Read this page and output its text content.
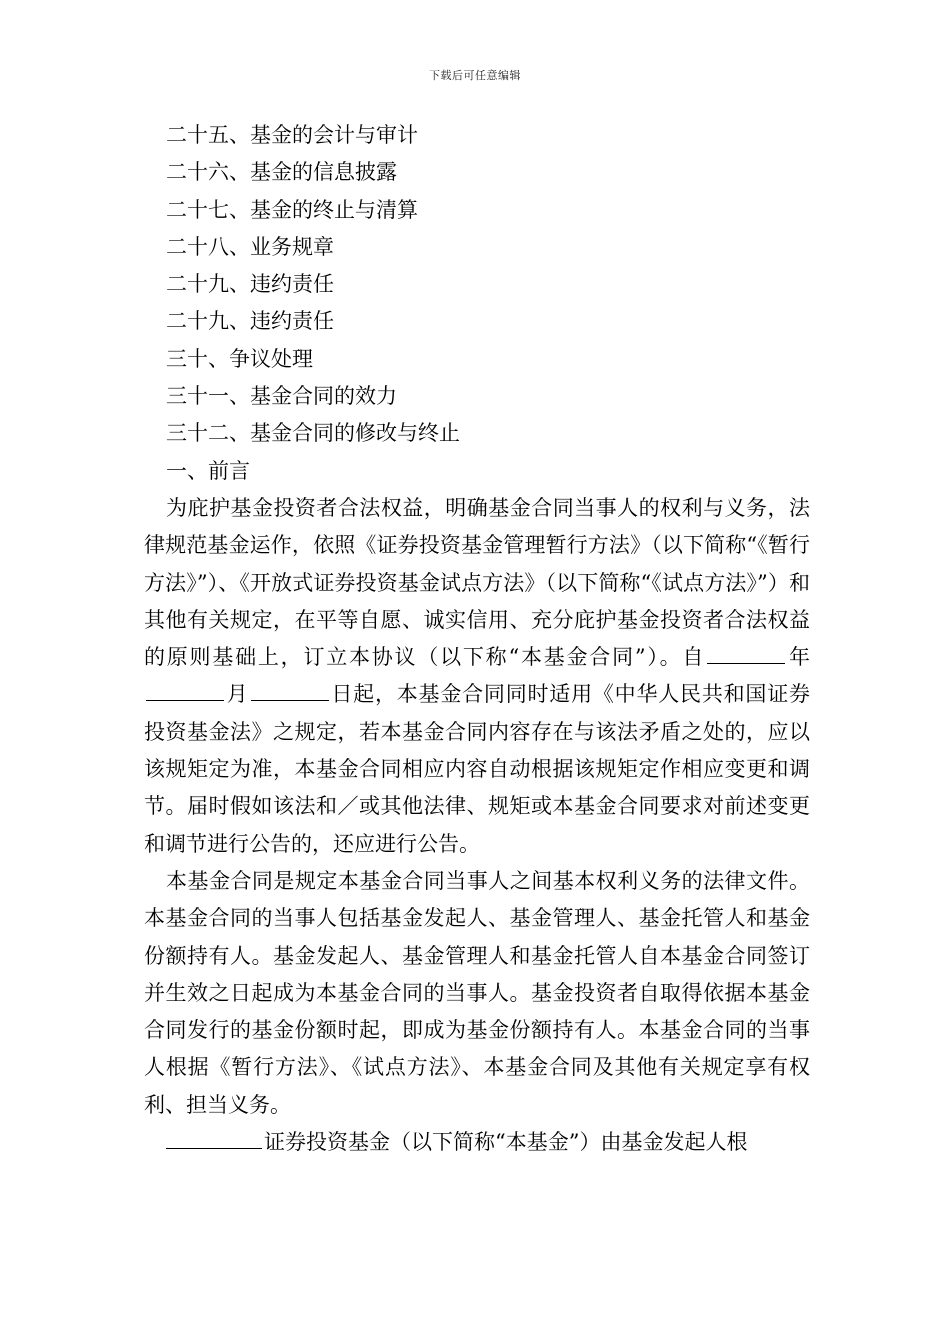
下载后可任意编辑
二十五、基金的会计与审计
二十六、基金的信息披露
二十七、基金的终止与清算
二十八、业务规章
二十九、违约责任
二十九、违约责任
三十、争议处理
三十一、基金合同的效力
三十二、基金合同的修改与终止
一、前言

为庇护基金投资者合法权益，明确基金合同当事人的权利与义务，法律规范基金运作，依照《证券投资基金管理暂行方法》（以下简称“《暂行方法》”）、《开放式证券投资基金试点方法》（以下简称“《试点方法》”）和其他有关规定，在平等自愿、诚实信用、充分庇护基金投资者合法权益的原则基础上，订立本协议（以下称“本基金合同”）。自	年月	日起，本基金合同同时适用《中华人民共和国证券投资基金法》之规定，若本基金合同内容存在与该法矛盾之处的，应以该规矩定为准，本基金合同相应内容自动根据该规矩定作相应变更和调节。届时假如该法和／或其他法律、规矩或本基金合同要求对前述变更和调节进行公告的，还应进行公告。

本基金合同是规定本基金合同当事人之间基本权利义务的法律文件。本基金合同的当事人包括基金发起人、基金管理人、基金托管人和基金份额持有人。基金发起人、基金管理人和基金托管人自本基金合同签订并生效之日起成为本基金合同的当事人。基金投资者自取得依据本基金合同发行的基金份额时起，即成为基金份额持有人。本基金合同的当事人根据《暂行方法》、《试点方法》、本基金合同及其他有关规定享有权利、担当义务。

证券投资基金（以下简称“本基金”）由基金发起人根
